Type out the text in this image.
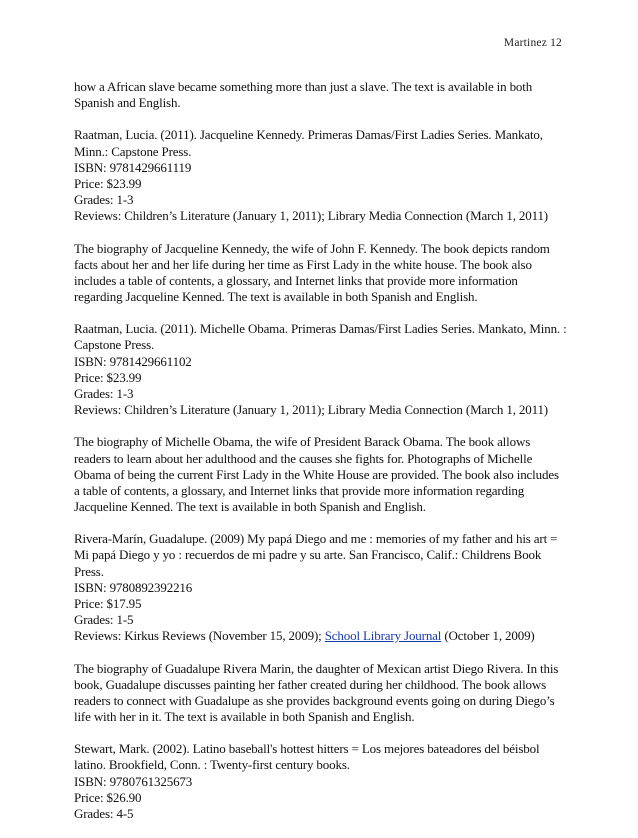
Martinez 12
how a African slave became something more than just a slave. The text is available in both
Spanish and English.
Raatman, Lucia. (2011). Jacqueline Kennedy. Primeras Damas/First Ladies Series. Mankato,
Minn.: Capstone Press.
ISBN: 9781429661119
Price: $23.99
Grades: 1-3
Reviews: Children’s Literature (January 1, 2011); Library Media Connection (March 1, 2011)
The biography of Jacqueline Kennedy, the wife of John F. Kennedy. The book depicts random
facts about her and her life during her time as First Lady in the white house. The book also
includes a table of contents, a glossary, and Internet links that provide more information
regarding Jacqueline Kenned. The text is available in both Spanish and English.
Raatman, Lucia. (2011). Michelle Obama. Primeras Damas/First Ladies Series. Mankato, Minn. :
Capstone Press.
ISBN: 9781429661102
Price: $23.99
Grades: 1-3
Reviews: Children’s Literature (January 1, 2011); Library Media Connection (March 1, 2011)
The biography of Michelle Obama, the wife of President Barack Obama. The book allows
readers to learn about her adulthood and the causes she fights for. Photographs of Michelle
Obama of being the current First Lady in the White House are provided. The book also includes
a table of contents, a glossary, and Internet links that provide more information regarding
Jacqueline Kenned. The text is available in both Spanish and English.
Rivera-Marín, Guadalupe. (2009) My papá Diego and me : memories of my father and his art =
Mi papá Diego y yo : recuerdos de mi padre y su arte. San Francisco, Calif.: Childrens Book
Press.
ISBN: 9780892392216
Price: $17.95
Grades: 1-5
Reviews: Kirkus Reviews (November 15, 2009); School Library Journal (October 1, 2009)
The biography of Guadalupe Rivera Marin, the daughter of Mexican artist Diego Rivera. In this
book, Guadalupe discusses painting her father created during her childhood. The book allows
readers to connect with Guadalupe as she provides background events going on during Diego’s
life with her in it. The text is available in both Spanish and English.
Stewart, Mark. (2002). Latino baseball's hottest hitters = Los mejores bateadores del béisbol
latino. Brookfield, Conn. : Twenty-first century books.
ISBN: 9780761325673
Price: $26.90
Grades: 4-5
